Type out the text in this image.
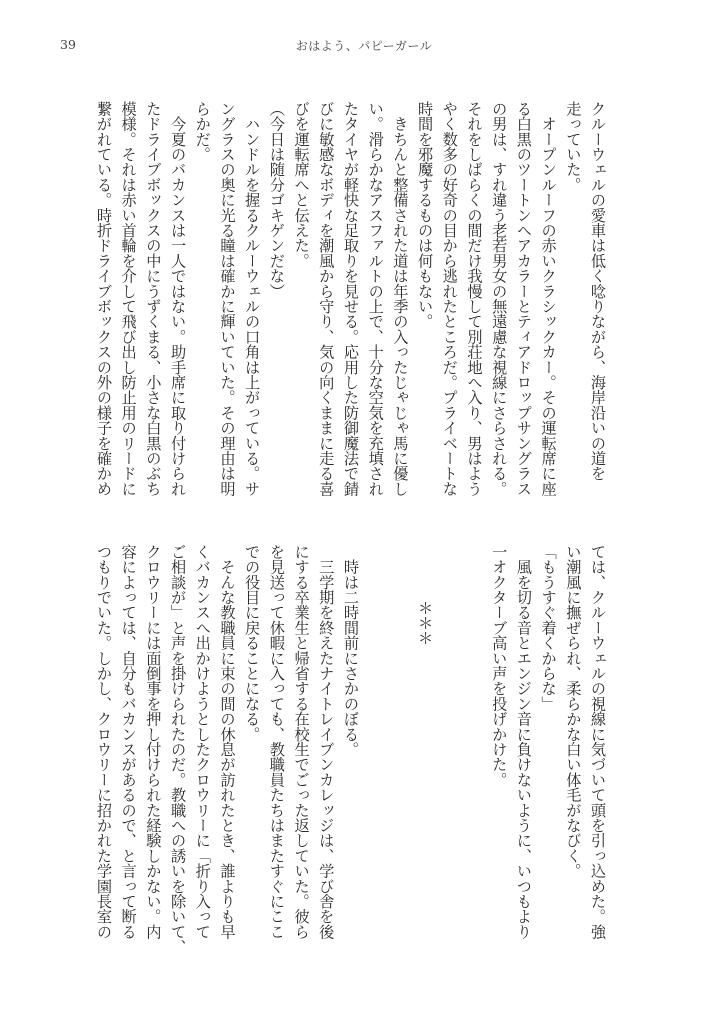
39	おはよう、パピーガール
クルーウェルの愛車は低く唸りながら、海岸沿いの道を
走っていた。
　オープンルーフの赤いクラシックカー。その運転席に座
る白黒のツートンヘアカラーとティアドロップサングラス
の男は、すれ違う老若男女の無遠慮な視線にさらされる。
それをしばらくの間だけ我慢して別荘地へ入り、男はよう
やく数多の好奇の目から逃れたところだ。プライベートな
時間を邪魔するものは何もない。
　きちんと整備された道は年季の入ったじゃじゃ馬に優し
い。滑らかなアスファルトの上で、十分な空気を充填され
たタイヤが軽快な足取りを見せる。応用した防御魔法で錆
びに敏感なボディを潮風から守り、気の向くままに走る喜
びを運転席へと伝えた。
（今日は随分ゴキゲンだな）
　ハンドルを握るクルーウェルの口角は上がっている。サ
ングラスの奥に光る瞳は確かに輝いていた。その理由は明
らかだ。
　今夏のバカンスは一人ではない。助手席に取り付けられ
たドライブボックスの中にうずくまる、小さな白黒のぶち
模様。それは赤い首輪を介して飛び出し防止用のリードに
繋がれている。時折ドライブボックスの外の様子を確かめ
ては、クルーウェルの視線に気づいて頭を引っ込めた。強
い潮風に撫ぜられ、柔らかな白い体毛がなびく。
「もうすぐ着くからな」
　風を切る音とエンジン音に負けないように、いつもより
一オクターブ高い声を投げかけた。

＊＊＊

　時は二時間前にさかのぼる。
　三学期を終えたナイトレイブンカレッジは、学び舎を後
にする卒業生と帰省する在校生でごった返していた。彼ら
を見送って休暇に入っても、教職員たちはまたすぐにここ
での役目に戻ることになる。
　そんな教職員に束の間の休息が訪れたとき、誰よりも早
くバカンスへ出かけようとしたクロウリーに「折り入って
ご相談が」と声を掛けられたのだ。教職への誘いを除いて、
クロウリーには面倒事を押し付けられた経験しかない。内
容によっては、自分もバカンスがあるので、と言って断る
つもりでいた。しかし、クロウリーに招かれた学園長室の
